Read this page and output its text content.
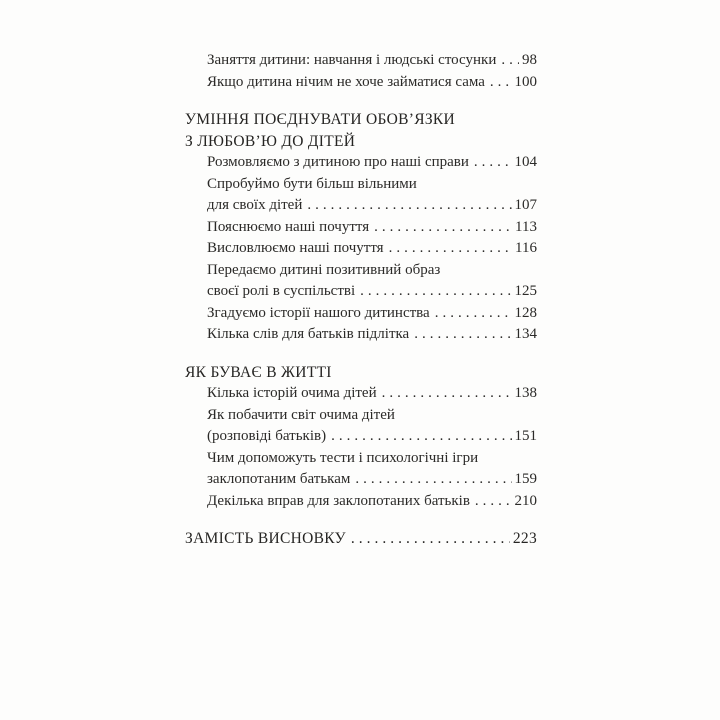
Заняття дитини: навчання і людські стосунки ..... 98
Якщо дитина нічим не хоче займатися сама ..... 100
УМІННЯ ПОЄДНУВАТИ ОБОВ’ЯЗКИ
З ЛЮБОВ’Ю ДО ДІТЕЙ
Розмовляємо з дитиною про наші справи .....	104
Спробуймо бути більш вільними
для своїх дітей .....	107
Пояснюємо наші почуття .....	113
Висловлюємо наші почуття .....	116
Передаємо дитині позитивний образ
своєї ролі в суспільстві .....	125
Згадуємо історії нашого дитинства .....	128
Кілька слів для батьків підлітка .....	134
ЯК БУВАЄ В ЖИТТІ
Кілька історій очима дітей .....	138
Як побачити світ очима дітей
(розповіді батьків) .....	151
Чим допоможуть тести і психологічні ігри
заклопотаним батькам .....	159
Декілька вправ для заклопотаних батьків .....	210
ЗАМІСТЬ ВИСНОВКУ .....	223
